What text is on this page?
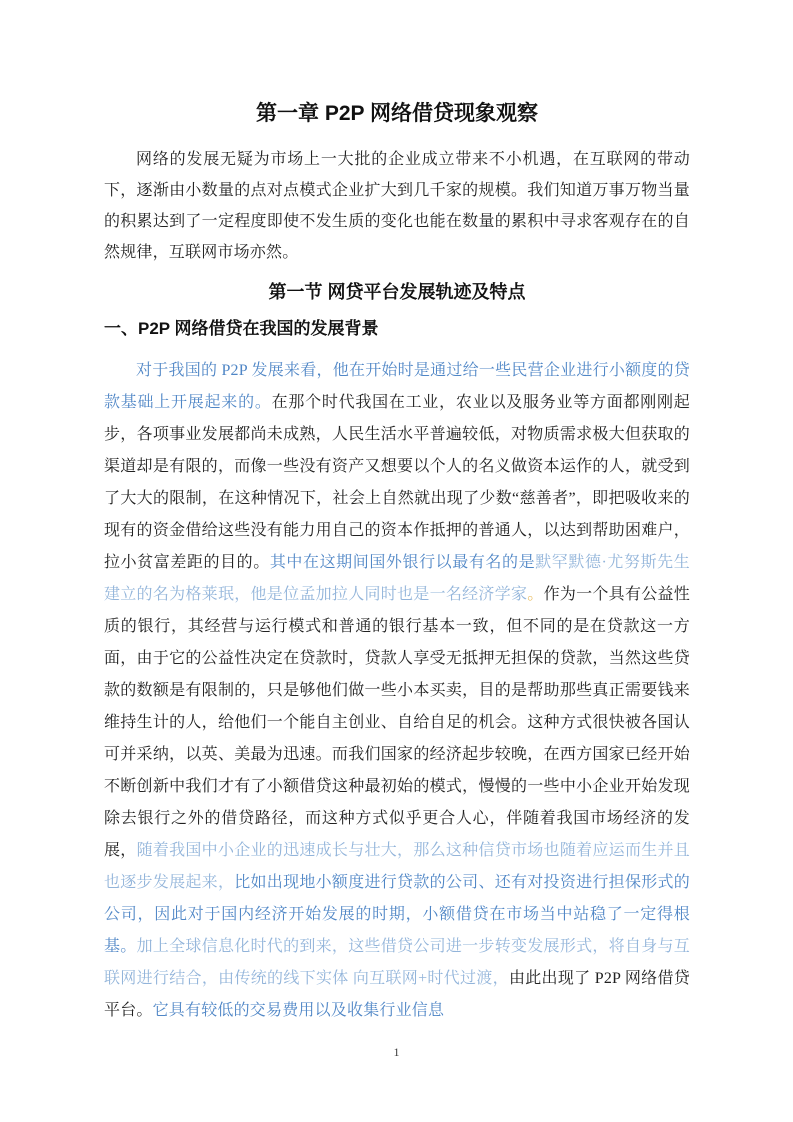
第一章 P2P 网络借贷现象观察

网络的发展无疑为市场上一大批的企业成立带来不小机遇，在互联网的带动下，逐渐由小数量的点对点模式企业扩大到几千家的规模。我们知道万事万物当量的积累达到了一定程度即使不发生质的变化也能在数量的累积中寻求客观存在的自然规律，互联网市场亦然。

第一节 网贷平台发展轨迹及特点
一、P2P 网络借贷在我国的发展背景

对于我国的 P2P 发展来看，他在开始时是通过给一些民营企业进行小额度的贷款基础上开展起来的。在那个时代我国在工业，农业以及服务业等方面都刚刚起步，各项事业发展都尚未成熟，人民生活水平普遍较低，对物质需求极大但获取的渠道却是有限的，而像一些没有资产又想要以个人的名义做资本运作的人，就受到了大大的限制，在这种情况下，社会上自然就出现了少数“慈善者”，即把吸收来的现有的资金借给这些没有能力用自己的资本作抵押的普通人，以达到帮助困难户，拉小贫富差距的目的。其中在这期间国外银行以最有名的是默罕默德·尤努斯先生建立的名为格莱珉，他是位孟加拉人同时也是一名经济学家。作为一个具有公益性质的银行，其经营与运行模式和普通的银行基本一致，但不同的是在贷款这一方面，由于它的公益性决定在贷款时，贷款人享受无抵押无担保的贷款，当然这些贷款的数额是有限制的，只是够他们做一些小本买卖，目的是帮助那些真正需要钱来维持生计的人，给他们一个能自主创业、自给自足的机会。这种方式很快被各国认可并采纳，以英、美最为迅速。而我们国家的经济起步较晚，在西方国家已经开始不断创新中我们才有了小额借贷这种最初始的模式，慢慢的一些中小企业开始发现除去银行之外的借贷路径，而这种方式似乎更合人心，伴随着我国市场经济的发展，随着我国中小企业的迅速成长与壮大，那么这种信贷市场也随着应运而生并且也逐步发展起来，比如出现地小额度进行贷款的公司、还有对投资进行担保形式的公司，因此对于国内经济开始发展的时期，小额借贷在市场当中站稳了一定得根基。加上全球信息化时代的到来，这些借贷公司进一步转变发展形式，将自身与互联网进行结合，由传统的线下实体 向互联网+时代过渡，由此出现了 P2P 网络借贷平台。它具有较低的交易费用以及收集行业信息

1
